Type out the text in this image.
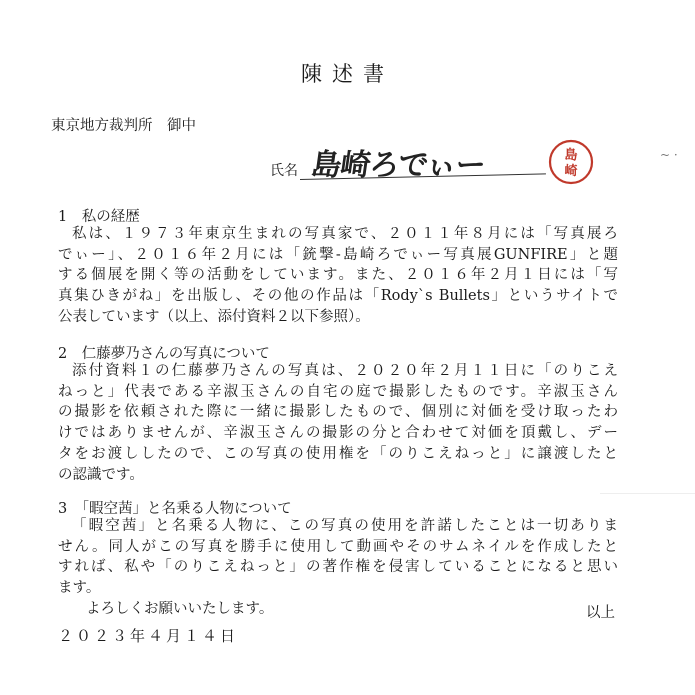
陳述書
東京地方裁判所　御中
氏名 島崎ろでぃー	島
崎
~ ·
1　私の経歴
私は、１９７３年東京生まれの写真家で、２０１１年８月には「写真展ろ
でぃー」、２０１６年２月には「銃撃-島崎ろでぃー写真展GUNFIRE」と題
する個展を開く等の活動をしています。また、２０１６年２月１日には「写
真集ひきがね」を出版し、その他の作品は「Rody`s Bullets」というサイトで
公表しています（以上、添付資料２以下参照）。
2　仁藤夢乃さんの写真について
添付資料１の仁藤夢乃さんの写真は、２０２０年２月１１日に「のりこえ
ねっと」代表である辛淑玉さんの自宅の庭で撮影したものです。辛淑玉さん
の撮影を依頼された際に一緒に撮影したもので、個別に対価を受け取ったわ
けではありませんが、辛淑玉さんの撮影の分と合わせて対価を頂戴し、デー
タをお渡ししたので、この写真の使用権を「のりこえねっと」に譲渡したと
の認識です。
3　「暇空茜」と名乗る人物について
「暇空茜」と名乗る人物に、この写真の使用を許諾したことは一切ありま
せん。同人がこの写真を勝手に使用して動画やそのサムネイルを作成したと
すれば、私や「のりこえねっと」の著作権を侵害していることになると思い
ます。
よろしくお願いいたします。	以上
２０２３年４月１４日
